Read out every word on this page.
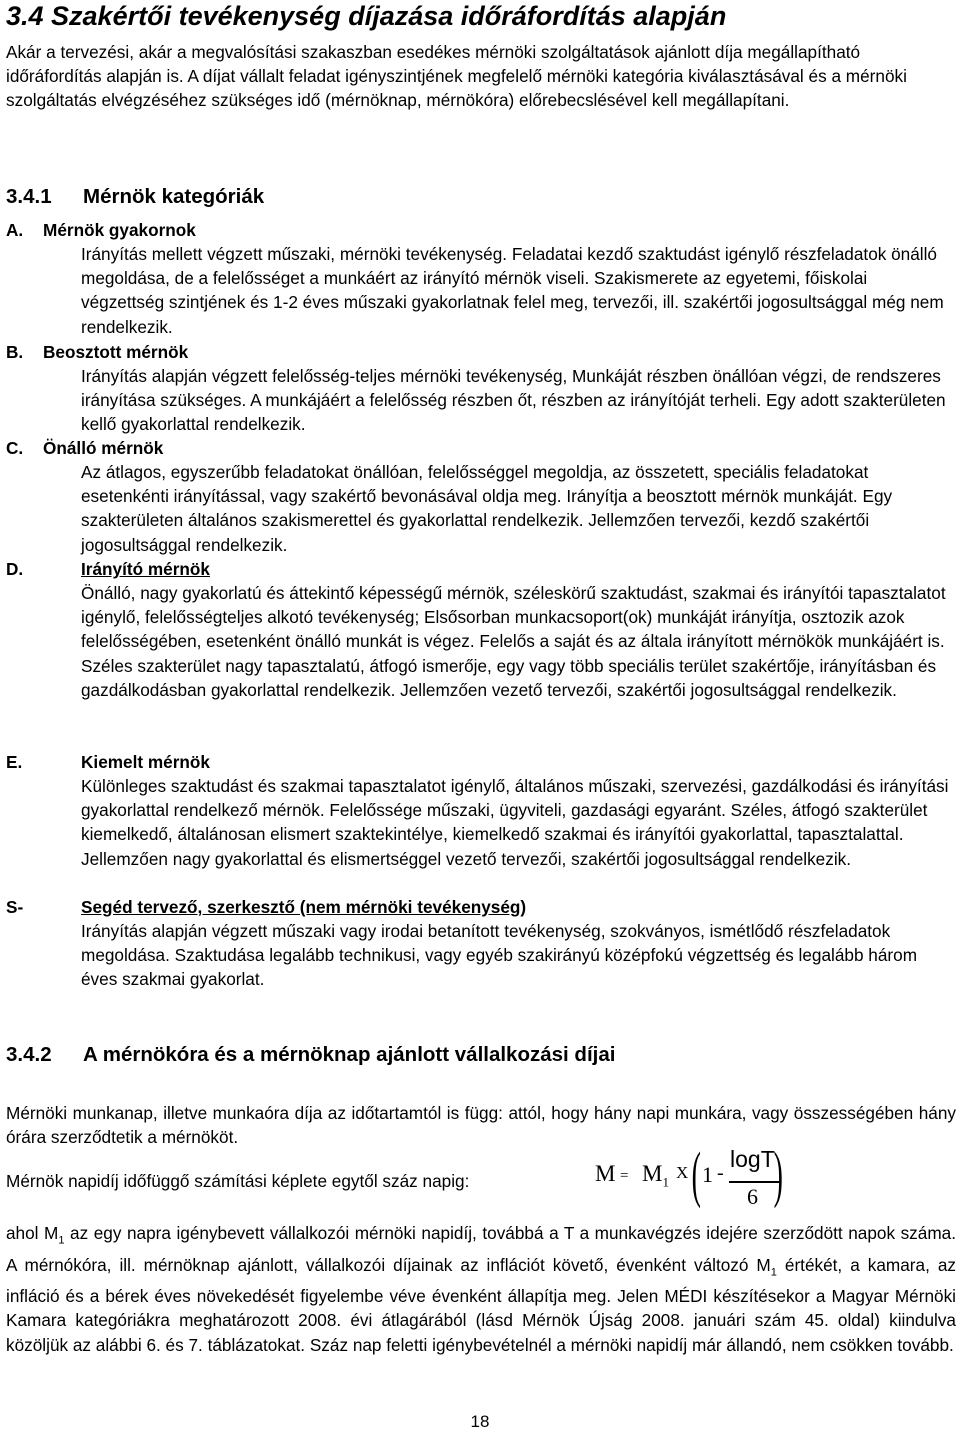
3.4 Szakértői tevékenység díjazása időráfordítás alapján

Akár a tervezési, akár a megvalósítási szakaszban esedékes mérnöki szolgáltatások ajánlott díja megállapítható időráfordítás alapján is. A díjat vállalt feladat igényszintjének megfelelő mérnöki kategória kiválasztásával és a mérnöki szolgáltatás elvégzéséhez szükséges idő (mérnöknap, mérnökóra) előrebecslésével kell megállapítani.

3.4.1 Mérnök kategóriák
A. Mérnök gyakornok

Irányítás mellett végzett műszaki, mérnöki tevékenység. Feladatai kezdő szaktudást igénylő részfeladatok önálló megoldása, de a felelősséget a munkáért az irányító mérnök viseli. Szakismerete az egyetemi, főiskolai végzettség szintjének és 1-2 éves műszaki gyakorlatnak felel meg, tervezői, ill. szakértői jogosultsággal még nem rendelkezik.

B. Beosztott mérnök

Irányítás alapján végzett felelősség-teljes mérnöki tevékenység, Munkáját részben önállóan végzi, de rendszeres irányítása szükséges. A munkájáért a felelősség részben őt, részben az irányítóját terheli. Egy adott szakterületen kellő gyakorlattal rendelkezik.

C. Önálló mérnök

Az átlagos, egyszerűbb feladatokat önállóan, felelősséggel megoldja, az összetett, speciális feladatokat esetenkénti irányítással, vagy szakértő bevonásával oldja meg. Irányítja a beosztott mérnök munkáját. Egy szakterületen általános szakismerettel és gyakorlattal rendelkezik. Jellemzően tervezői, kezdő szakértői jogosultsággal rendelkezik.

D.	Irányító mérnök

Önálló, nagy gyakorlatú és áttekintő képességű mérnök, széleskörű szaktudást, szakmai és irányítói tapasztalatot igénylő, felelősségteljes alkotó tevékenység; Elsősorban munkacsoport(ok) munkáját irányítja, osztozik azok felelősségében, esetenként önálló munkát is végez. Felelős a saját és az általa irányított mérnökök munkájáért is. Széles szakterület nagy tapasztalatú, átfogó ismerője, egy vagy több speciális terület szakértője, irányításban és gazdálkodásban gyakorlattal rendelkezik. Jellemzően vezető tervezői, szakértői jogosultsággal rendelkezik.

E.	Kiemelt mérnök

Különleges szaktudást és szakmai tapasztalatot igénylő, általános műszaki, szervezési, gazdálkodási és irányítási gyakorlattal rendelkező mérnök. Felelőssége műszaki, ügyviteli, gazdasági egyaránt. Széles, átfogó szakterület kiemelkedő, általánosan elismert szaktekintélye, kiemelkedő szakmai és irányítói gyakorlattal, tapasztalattal. Jellemzően nagy gyakorlattal és elismertséggel vezető tervezői, szakértői jogosultsággal rendelkezik.

S-	Segéd tervező, szerkesztő (nem mérnöki tevékenység)

Irányítás alapján végzett műszaki vagy irodai betanított tevékenység, szokványos, ismétlődő részfeladatok megoldása. Szaktudása legalább technikusi, vagy egyéb szakirányú középfokú végzettség és legalább három éves szakmai gyakorlat.

3.4.2 A mérnökóra és a mérnöknap ajánlott vállalkozási díjai

Mérnöki munkanap, illetve munkaóra díja az időtartamtól is függ: attól, hogy hány napi munkára, vagy összességében hány órára szerződtetik a mérnököt.

Mérnök napidíj időfüggő számítási képlete egytől száz napig:	$M = M_1$
X ( 1 -
logT
6 )

ahol $M_1$ az egy napra igénybevett vállalkozói mérnöki napidíj, továbbá a T a munkavégzés idejére szerződött napok száma. A mérnókóra, ill. mérnöknap ajánlott, vállalkozói díjainak az inflációt követő, évenként változó $M_1$ értékét, a kamara, az infláció és a bérek éves növekedését figyelembe véve évenként állapítja meg. Jelen MÉDI készítésekor a Magyar Mérnöki Kamara kategóriákra meghatározott 2008. évi átlagárából (lásd Mérnök Újság 2008. januári szám 45. oldal) kiindulva közöljük az alábbi 6. és 7. táblázatokat. Száz nap feletti igénybevételnél a mérnöki napidíj már állandó, nem csökken tovább.

18
